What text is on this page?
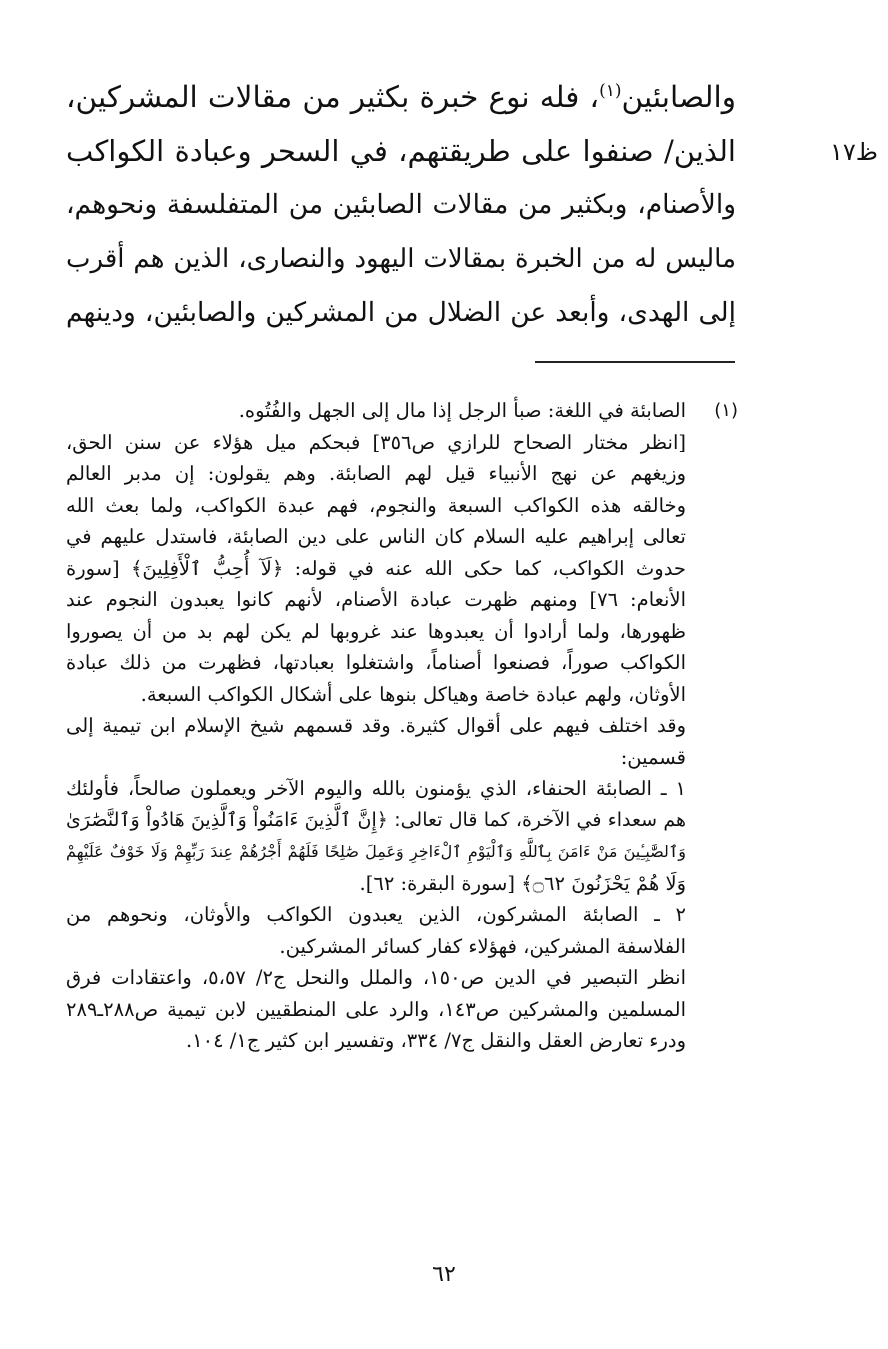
ظ١٧
والصابئين$^{(١)}$، فله نوع خبرة بكثير من مقالات المشركين،
الذين/ صنفوا على طريقتهم، في السحر وعبادة الكواكب
والأصنام، وبكثير من مقالات الصابئين من المتفلسفة ونحوهم،
ماليس له من الخبرة بمقالات اليهود والنصارى، الذين هم أقرب
إلى الهدى، وأبعد عن الضلال من المشركين والصابئين، ودينهم
(١)
الصابئة في اللغة: صبأ الرجل إذا مال إلى الجهل والفُتُوه.
[انظر مختار الصحاح للرازي ص٣٥٦] فبحكم ميل هؤلاء عن سنن الحق،
وزيغهم عن نهج الأنبياء قيل لهم الصابئة. وهم يقولون: إن مدبر العالم
وخالقه هذه الكواكب السبعة والنجوم، فهم عبدة الكواكب، ولما بعث الله
تعالى إبراهيم عليه السلام كان الناس على دين الصابئة، فاستدل عليهم في
حدوث الكواكب، كما حكى الله عنه في قوله: ﴿لَآ أُحِبُّ ٱلْأَفِلِينَ﴾ [سورة
الأنعام: ٧٦] ومنهم ظهرت عبادة الأصنام، لأنهم كانوا يعبدون النجوم عند
ظهورها، ولما أرادوا أن يعبدوها عند غروبها لم يكن لهم بد من أن يصوروا
الكواكب صوراً، فصنعوا أصناماً، واشتغلوا بعبادتها، فظهرت من ذلك عبادة
الأوثان، ولهم عبادة خاصة وهياكل بنوها على أشكال الكواكب السبعة.
وقد اختلف فيهم على أقوال كثيرة. وقد قسمهم شيخ الإسلام ابن تيمية إلى
قسمين:
١ ـ الصابئة الحنفاء، الذي يؤمنون بالله واليوم الآخر ويعملون صالحاً، فأولئك
هم سعداء في الآخرة، كما قال تعالى: ﴿إِنَّ ٱلَّذِينَ ءَامَنُواْ وَٱلَّذِينَ هَادُواْ وَٱلنَّصَٰرَىٰ
وَٱلصَّٰبِـِٔينَ مَنْ ءَامَنَ بِٱللَّهِ وَٱلْيَوْمِ ٱلْءَاخِرِ وَعَمِلَ صَٰلِحًا فَلَهُمْ أَجْرُهُمْ عِندَ رَبِّهِمْ وَلَا خَوْفٌ عَلَيْهِمْ
وَلَا هُمْ يَحْزَنُونَ ۝٦٢﴾ [سورة البقرة: ٦٢].
٢ ـ الصابئة المشركون، الذين يعبدون الكواكب والأوثان، ونحوهم من
الفلاسفة المشركين، فهؤلاء كفار كسائر المشركين.
انظر التبصير في الدين ص١٥٠، والملل والنحل ج٢/ ٥،٥٧، واعتقادات فرق
المسلمين والمشركين ص١٤٣، والرد على المنطقيين لابن تيمية ص٢٨٨ـ٢٨٩
ودرء تعارض العقل والنقل ج٧/ ٣٣٤، وتفسير ابن كثير ج١/ ١٠٤.
٦٢
